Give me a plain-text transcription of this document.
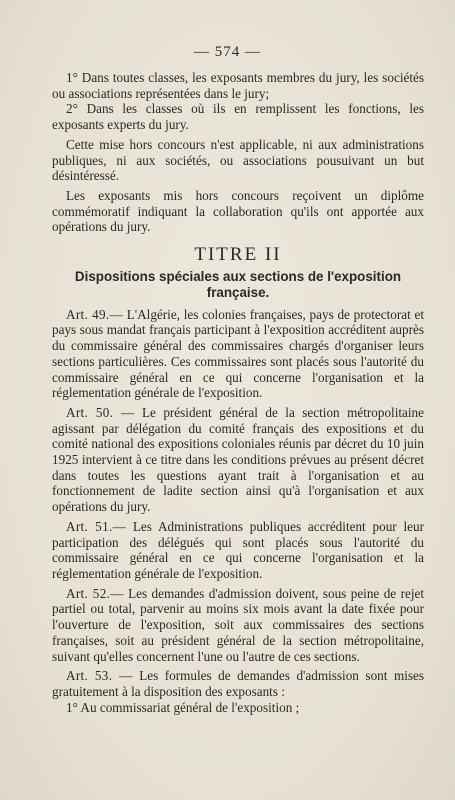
— 574 —

1° Dans toutes classes, les exposants membres du jury, les sociétés ou associations représentées dans le jury;

2° Dans les classes où ils en remplissent les fonctions, les exposants experts du jury.

Cette mise hors concours n'est applicable, ni aux administrations publiques, ni aux sociétés, ou associations pousuivant un but désintéressé.

Les exposants mis hors concours reçoivent un diplôme commémoratif indiquant la collaboration qu'ils ont apportée aux opérations du jury.

TITRE II
Dispositions spéciales aux sections de l'exposition française.

Art. 49.— L'Algérie, les colonies françaises, pays de protectorat et pays sous mandat français participant à l'exposition accréditent auprès du commissaire général des commissaires chargés d'organiser leurs sections particulières. Ces commissaires sont placés sous l'autorité du commissaire général en ce qui concerne l'organisation et la réglementation générale de l'exposition.

Art. 50. — Le président général de la section métropolitaine agissant par délégation du comité français des expositions et du comité national des expositions coloniales réunis par décret du 10 juin 1925 intervient à ce titre dans les conditions prévues au présent décret dans toutes les questions ayant trait à l'organisation et au fonctionnement de ladite section ainsi qu'à l'organisation et aux opérations du jury.

Art. 51.— Les Administrations publiques accréditent pour leur participation des délégués qui sont placés sous l'autorité du commissaire général en ce qui concerne l'organisation et la réglementation générale de l'exposition.

Art. 52.— Les demandes d'admission doivent, sous peine de rejet partiel ou total, parvenir au moins six mois avant la date fixée pour l'ouverture de l'exposition, soit aux commissaires des sections françaises, soit au président général de la section métropolitaine, suivant qu'elles concernent l'une ou l'autre de ces sections.

Art. 53. — Les formules de demandes d'admission sont mises gratuitement à la disposition des exposants :

1° Au commissariat général de l'exposition ;
